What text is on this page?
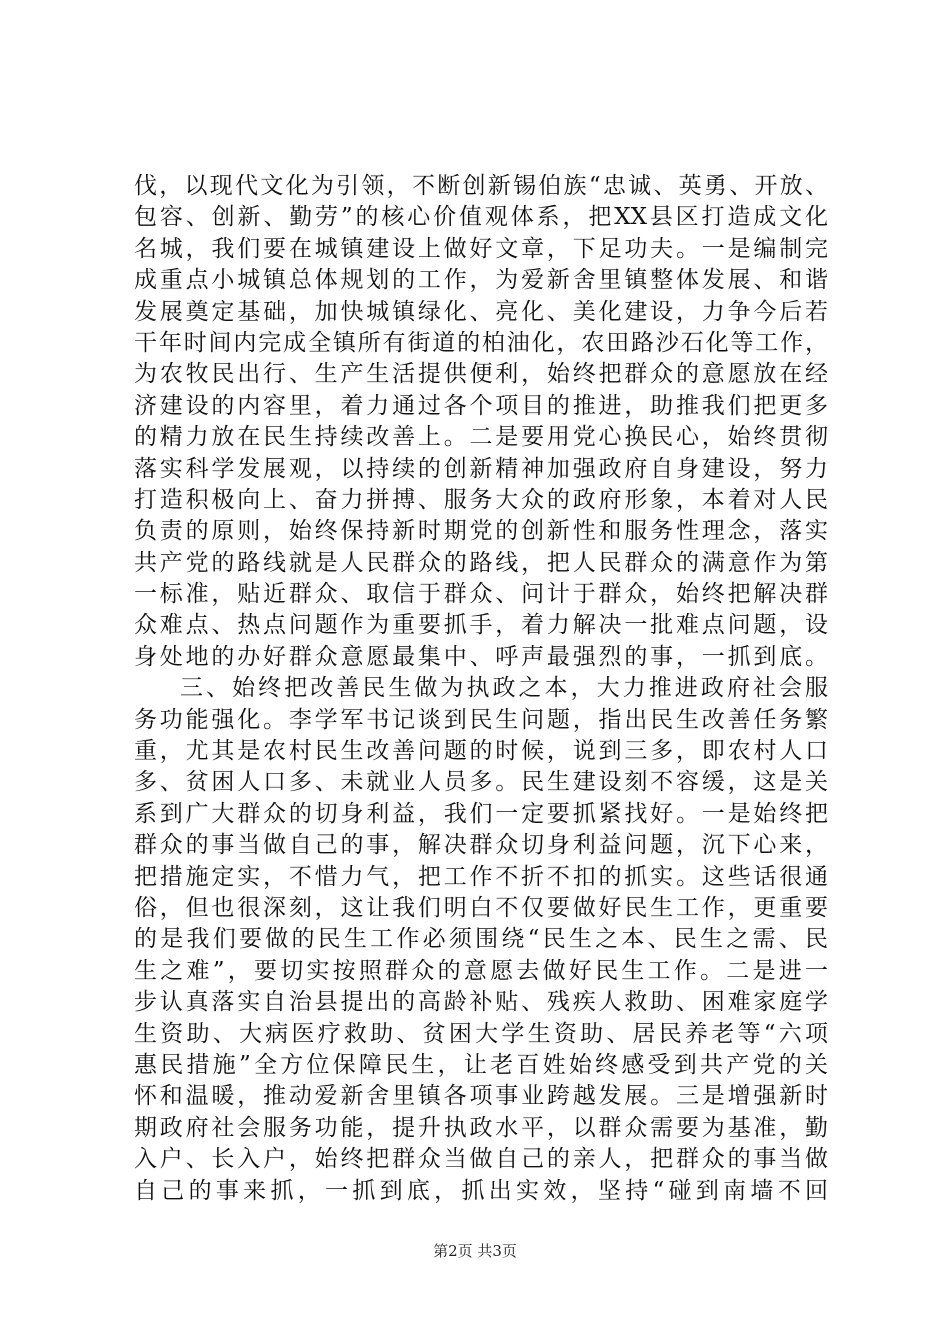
伐，以现代文化为引领，不断创新锡伯族“忠诚、英勇、开放、
包容、创新、勤劳”的核心价值观体系，把XX县区打造成文化
名城，我们要在城镇建设上做好文章，下足功夫。一是编制完
成重点小城镇总体规划的工作，为爱新舍里镇整体发展、和谐
发展奠定基础，加快城镇绿化、亮化、美化建设，力争今后若
干年时间内完成全镇所有街道的柏油化，农田路沙石化等工作，
为农牧民出行、生产生活提供便利，始终把群众的意愿放在经
济建设的内容里，着力通过各个项目的推进，助推我们把更多
的精力放在民生持续改善上。二是要用党心换民心，始终贯彻
落实科学发展观，以持续的创新精神加强政府自身建设，努力
打造积极向上、奋力拼搏、服务大众的政府形象，本着对人民
负责的原则，始终保持新时期党的创新性和服务性理念，落实
共产党的路线就是人民群众的路线，把人民群众的满意作为第
一标准，贴近群众、取信于群众、问计于群众，始终把解决群
众难点、热点问题作为重要抓手，着力解决一批难点问题，设
身处地的办好群众意愿最集中、呼声最强烈的事，一抓到底。
三、始终把改善民生做为执政之本，大力推进政府社会服
务功能强化。李学军书记谈到民生问题，指出民生改善任务繁
重，尤其是农村民生改善问题的时候，说到三多，即农村人口
多、贫困人口多、未就业人员多。民生建设刻不容缓，这是关
系到广大群众的切身利益，我们一定要抓紧找好。一是始终把
群众的事当做自己的事，解决群众切身利益问题，沉下心来，
把措施定实，不惜力气，把工作不折不扣的抓实。这些话很通
俗，但也很深刻，这让我们明白不仅要做好民生工作，更重要
的是我们要做的民生工作必须围绕“民生之本、民生之需、民
生之难”，要切实按照群众的意愿去做好民生工作。二是进一
步认真落实自治县提出的高龄补贴、残疾人救助、困难家庭学
生资助、大病医疗救助、贫困大学生资助、居民养老等“六项
惠民措施”全方位保障民生，让老百姓始终感受到共产党的关
怀和温暖，推动爱新舍里镇各项事业跨越发展。三是增强新时
期政府社会服务功能，提升执政水平，以群众需要为基准，勤
入户、长入户，始终把群众当做自己的亲人，把群众的事当做
自己的事来抓，一抓到底，抓出实效，坚持“碰到南墙不回
第2页 共3页
